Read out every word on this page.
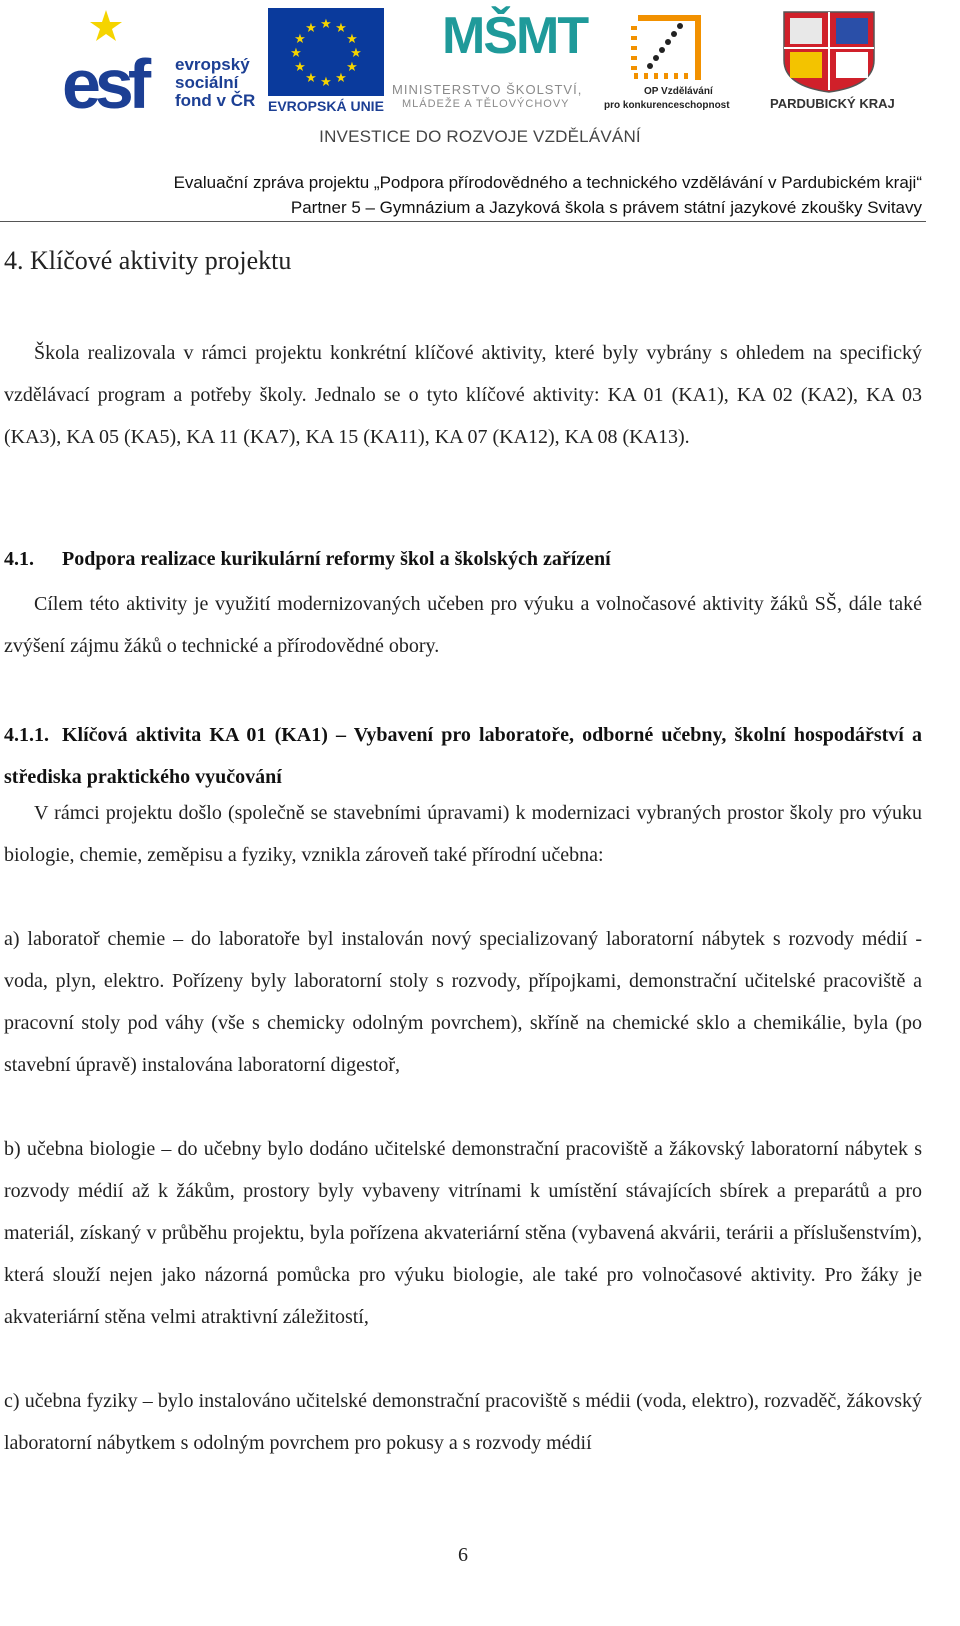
esf	evropský
sociální
fond v ČR
★ ★
★
★
★
★
★
★
★
★
★
★
EVROPSKÁ UNIE
MŠMT
MINISTERSTVO ŠKOLSTVÍ,
MLÁDEŽE A TĚLOVÝCHOVY
OP Vzdělávání
pro konkurenceschopnost	PARDUBICKÝ KRAJ
INVESTICE DO ROZVOJE VZDĚLÁVÁNÍ
Evaluační zpráva projektu „Podpora přírodovědného a technického vzdělávání v Pardubickém kraji“
Partner 5 – Gymnázium a Jazyková škola s právem státní jazykové zkoušky Svitavy
4. Klíčové aktivity projektu

Škola realizovala v rámci projektu konkrétní klíčové aktivity, které byly vybrány s ohledem na specifický vzdělávací program a potřeby školy. Jednalo se o tyto klíčové aktivity: KA 01 (KA1), KA 02 (KA2), KA 03 (KA3), KA 05 (KA5), KA 11 (KA7), KA 15 (KA11), KA 07 (KA12), KA 08 (KA13).

4.1. Podpora realizace kurikulární reformy škol a školských zařízení

Cílem této aktivity je využití modernizovaných učeben pro výuku a volnočasové aktivity žáků SŠ, dále také zvýšení zájmu žáků o technické a přírodovědné obory.

4.1.1. Klíčová aktivita KA 01 (KA1) – Vybavení pro laboratoře, odborné učebny, školní hospodářství a střediska praktického vyučování

V rámci projektu došlo (společně se stavebními úpravami) k modernizaci vybraných prostor školy pro výuku biologie, chemie, zeměpisu a fyziky, vznikla zároveň také přírodní učebna:

a) laboratoř chemie – do laboratoře byl instalován nový specializovaný laboratorní nábytek s rozvody médií - voda, plyn, elektro. Pořízeny byly laboratorní stoly s rozvody, přípojkami, demonstrační učitelské pracoviště a pracovní stoly pod váhy (vše s chemicky odolným povrchem), skříně na chemické sklo a chemikálie, byla (po stavební úpravě) instalována laboratorní digestoř,

b) učebna biologie – do učebny bylo dodáno učitelské demonstrační pracoviště a žákovský laboratorní nábytek s rozvody médií až k žákům, prostory byly vybaveny vitrínami k umístění stávajících sbírek a preparátů a pro materiál, získaný v průběhu projektu, byla pořízena akvateriární stěna (vybavená akvárii, terárii a příslušenstvím), která slouží nejen jako názorná pomůcka pro výuku biologie, ale také pro volnočasové aktivity. Pro žáky je akvateriární stěna velmi atraktivní záležitostí,

c) učebna fyziky – bylo instalováno učitelské demonstrační pracoviště s médii (voda, elektro), rozvaděč, žákovský laboratorní nábytkem s odolným povrchem pro pokusy a s rozvody médií

6
